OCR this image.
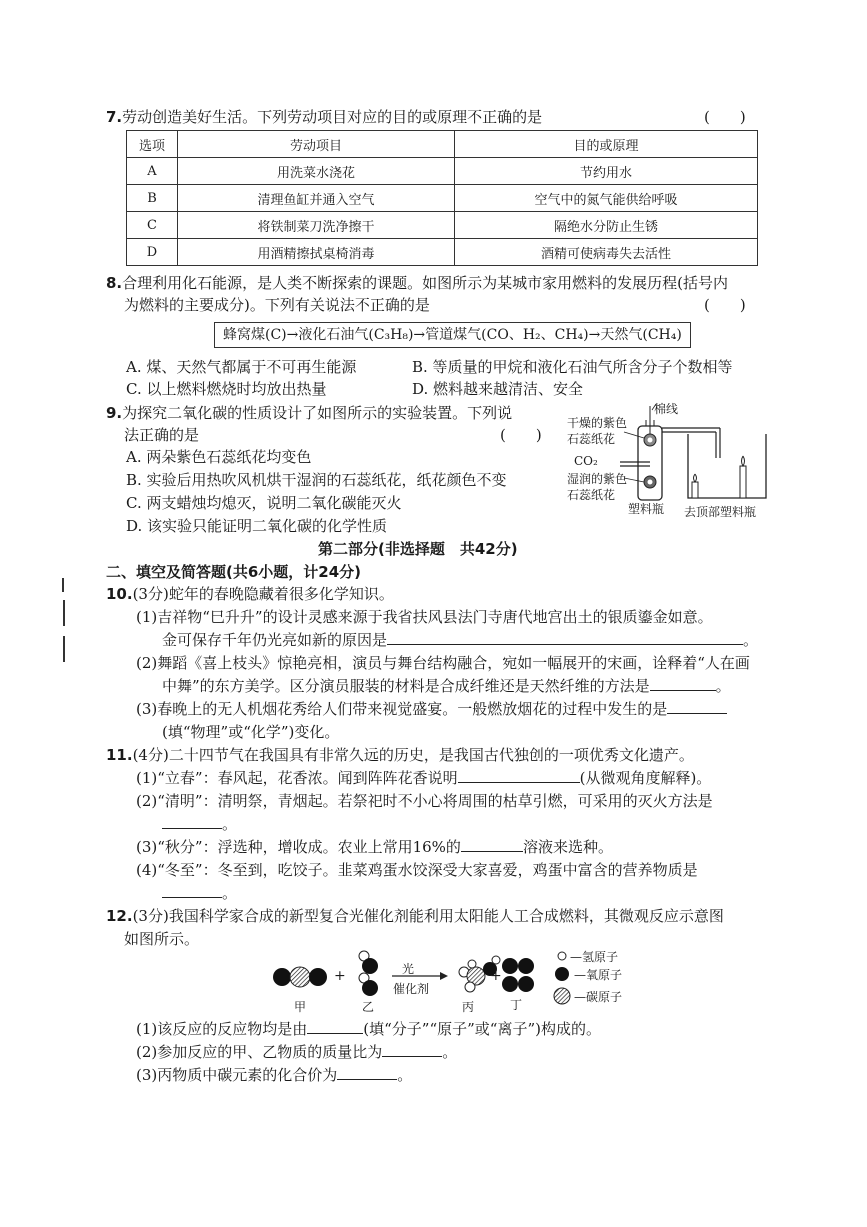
7.劳动创造美好生活。下列劳动项目对应的目的或原理不正确的是	(　　)
选项	劳动项目	目的或原理
A	用洗菜水浇花	节约用水
B	清理鱼缸并通入空气	空气中的氮气能供给呼吸
C	将铁制菜刀洗净擦干	隔绝水分防止生锈
D	用酒精擦拭桌椅消毒	酒精可使病毒失去活性
8.合理利用化石能源，是人类不断探索的课题。如图所示为某城市家用燃料的发展历程(括号内
为燃料的主要成分)。下列有关说法不正确的是	(　　)
蜂窝煤(C)→液化石油气(C₃H₈)→管道煤气(CO、H₂、CH₄)→天然气(CH₄)
A. 煤、天然气都属于不可再生能源	B. 等质量的甲烷和液化石油气所含分子个数相等
C. 以上燃料燃烧时均放出热量	D. 燃料越来越清洁、安全
9.为探究二氧化碳的性质设计了如图所示的实验装置。下列说
法正确的是	(　　)
A. 两朵紫色石蕊纸花均变色
B. 实验后用热吹风机烘干湿润的石蕊纸花，纸花颜色不变
C. 两支蜡烛均熄灭，说明二氧化碳能灭火
D. 该实验只能证明二氧化碳的化学性质
棉线
干燥的紫色
石蕊纸花
CO₂
湿润的紫色
石蕊纸花
塑料瓶 去顶部塑料瓶
第二部分(非选择题　共42分)
二、填空及简答题(共6小题，计24分)
10.(3分)蛇年的春晚隐藏着很多化学知识。
(1)吉祥物“巳升升”的设计灵感来源于我省扶风县法门寺唐代地宫出土的银质鎏金如意。
金可保存千年仍光亮如新的原因是	。
(2)舞蹈《喜上枝头》惊艳亮相，演员与舞台结构融合，宛如一幅展开的宋画，诠释着“人在画
中舞”的东方美学。区分演员服装的材料是合成纤维还是天然纤维的方法是	。
(3)春晚上的无人机烟花秀给人们带来视觉盛宴。一般燃放烟花的过程中发生的是
(填“物理”或“化学”)变化。
11.(4分)二十四节气在我国具有非常久远的历史，是我国古代独创的一项优秀文化遗产。
(1)“立春”：春风起，花香浓。闻到阵阵花香说明	(从微观角度解释)。
(2)“清明”：清明祭，青烟起。若祭祀时不小心将周围的枯草引燃，可采用的灭火方法是
。
(3)“秋分”：浮选种，增收成。农业上常用16%的	溶液来选种。
(4)“冬至”：冬至到，吃饺子。韭菜鸡蛋水饺深受大家喜爱，鸡蛋中富含的营养物质是
。
12.(3分)我国科学家合成的新型复合光催化剂能利用太阳能人工合成燃料，其微观反应示意图
如图所示。
+	+
光
催化剂
甲	乙	丙	丁
—氢原子
—氧原子
—碳原子
(1)该反应的反应物均是由	(填“分子”“原子”或“离子”)构成的。
(2)参加反应的甲、乙物质的质量比为	。
(3)丙物质中碳元素的化合价为	。
